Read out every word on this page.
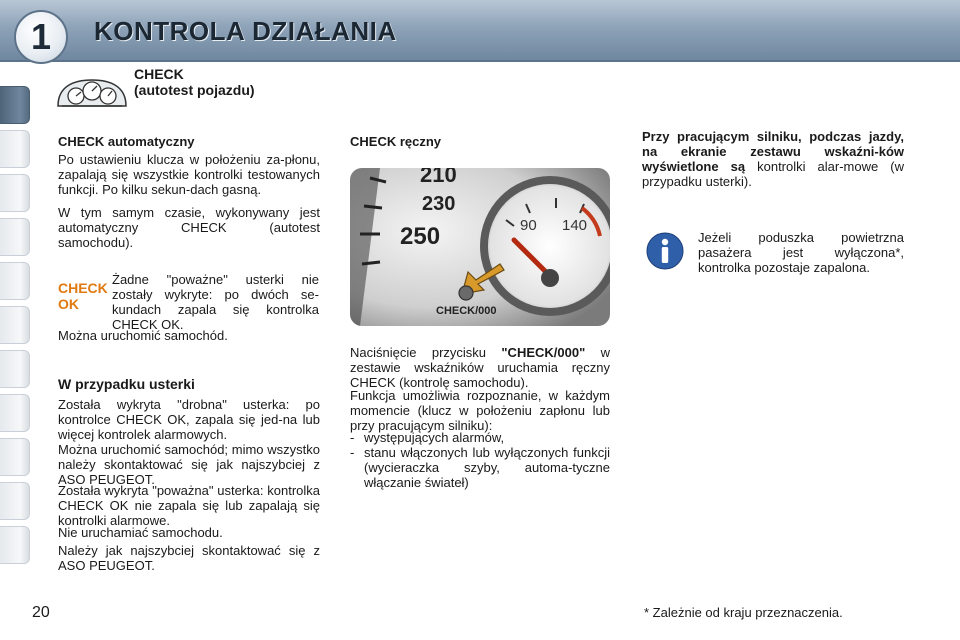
1	KONTROLA DZIAŁANIA
CHECK
(autotest pojazdu)
CHECK automatyczny
Po ustawieniu klucza w położeniu za-płonu, zapalają się wszystkie kontrolki testowanych funkcji. Po kilku sekun-dach gasną.
W tym samym czasie, wykonywany jest automatyczny CHECK (autotest samochodu).
CHECK
OK
Żadne "poważne" usterki nie zostały wykryte: po dwóch se-kundach zapala się kontrolka CHECK OK.
Można uruchomić samochód.
W przypadku usterki
Została wykryta "drobna" usterka: po kontrolce CHECK OK, zapala się jed-na lub więcej kontrolek alarmowych.
Można uruchomić samochód; mimo wszystko należy skontaktować się jak najszybciej z ASO PEUGEOT.
Została wykryta "poważna" usterka: kontrolka CHECK OK nie zapala się lub zapalają się kontrolki alarmowe.
Nie uruchamiać samochodu.
Należy jak najszybciej skontaktować się z ASO PEUGEOT.
CHECK ręczny
210
230
250	90 140
CHECK/000
Naciśnięcie przycisku "CHECK/000" w zestawie wskaźników uruchamia ręczny CHECK (kontrolę samochodu).
Funkcja umożliwia rozpoznanie, w każdym momencie (klucz w położeniu zapłonu lub przy pracującym silniku):
- występujących alarmów,
- stanu włączonych lub wyłączonych funkcji (wycieraczka szyby, automa-tyczne włączanie świateł)
Przy pracującym silniku, podczas jazdy, na ekranie zestawu wskaźni-ków wyświetlone są kontrolki alar-mowe (w przypadku usterki).
Jeżeli poduszka powietrzna pasażera jest wyłączona*, kontrolka pozostaje zapalona.
20	* Zależnie od kraju przeznaczenia.
